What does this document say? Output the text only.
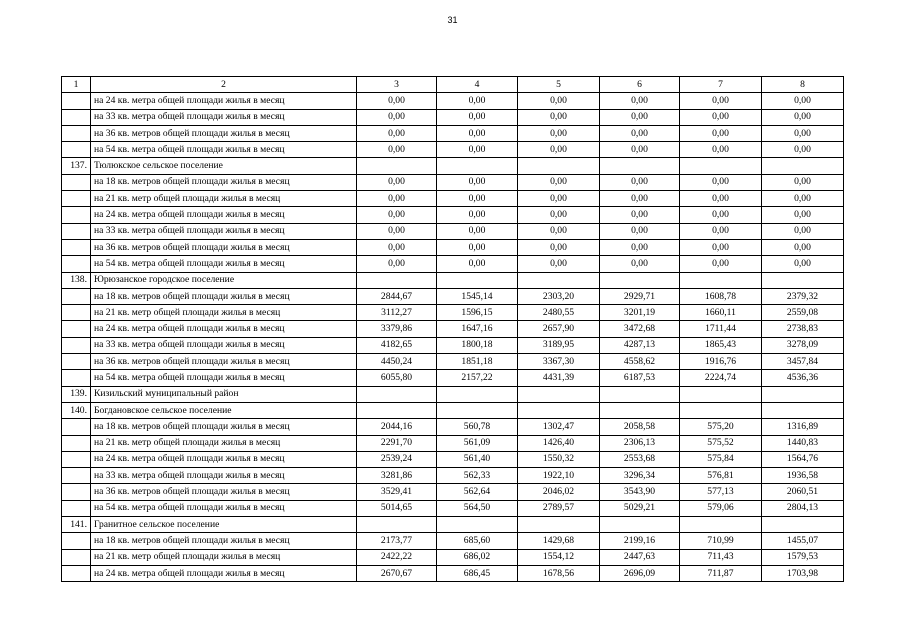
31
1	2	3	4	5	6	7	8
	на 24 кв. метра общей площади жилья в месяц	0,00	0,00	0,00	0,00	0,00	0,00
	на 33 кв. метра общей площади жилья в месяц	0,00	0,00	0,00	0,00	0,00	0,00
	на 36 кв. метров общей площади жилья в месяц	0,00	0,00	0,00	0,00	0,00	0,00
	на 54 кв. метра общей площади жилья в месяц	0,00	0,00	0,00	0,00	0,00	0,00
137.	Тюлюкское сельское поселение						
	на 18 кв. метров общей площади жилья в месяц	0,00	0,00	0,00	0,00	0,00	0,00
	на 21 кв. метр общей площади жилья в месяц	0,00	0,00	0,00	0,00	0,00	0,00
	на 24 кв. метра общей площади жилья в месяц	0,00	0,00	0,00	0,00	0,00	0,00
	на 33 кв. метра общей площади жилья в месяц	0,00	0,00	0,00	0,00	0,00	0,00
	на 36 кв. метров общей площади жилья в месяц	0,00	0,00	0,00	0,00	0,00	0,00
	на 54 кв. метра общей площади жилья в месяц	0,00	0,00	0,00	0,00	0,00	0,00
138.	Юрюзанское городское поселение						
	на 18 кв. метров общей площади жилья в месяц	2844,67	1545,14	2303,20	2929,71	1608,78	2379,32
	на 21 кв. метр общей площади жилья в месяц	3112,27	1596,15	2480,55	3201,19	1660,11	2559,08
	на 24 кв. метра общей площади жилья в месяц	3379,86	1647,16	2657,90	3472,68	1711,44	2738,83
	на 33 кв. метра общей площади жилья в месяц	4182,65	1800,18	3189,95	4287,13	1865,43	3278,09
	на 36 кв. метров общей площади жилья в месяц	4450,24	1851,18	3367,30	4558,62	1916,76	3457,84
	на 54 кв. метра общей площади жилья в месяц	6055,80	2157,22	4431,39	6187,53	2224,74	4536,36
139.	Кизильский муниципальный район						
140.	Богдановское сельское поселение						
	на 18 кв. метров общей площади жилья в месяц	2044,16	560,78	1302,47	2058,58	575,20	1316,89
	на 21 кв. метр общей площади жилья в месяц	2291,70	561,09	1426,40	2306,13	575,52	1440,83
	на 24 кв. метра общей площади жилья в месяц	2539,24	561,40	1550,32	2553,68	575,84	1564,76
	на 33 кв. метра общей площади жилья в месяц	3281,86	562,33	1922,10	3296,34	576,81	1936,58
	на 36 кв. метров общей площади жилья в месяц	3529,41	562,64	2046,02	3543,90	577,13	2060,51
	на 54 кв. метра общей площади жилья в месяц	5014,65	564,50	2789,57	5029,21	579,06	2804,13
141.	Гранитное сельское поселение						
	на 18 кв. метров общей площади жилья в месяц	2173,77	685,60	1429,68	2199,16	710,99	1455,07
	на 21 кв. метр общей площади жилья в месяц	2422,22	686,02	1554,12	2447,63	711,43	1579,53
	на 24 кв. метра общей площади жилья в месяц	2670,67	686,45	1678,56	2696,09	711,87	1703,98
